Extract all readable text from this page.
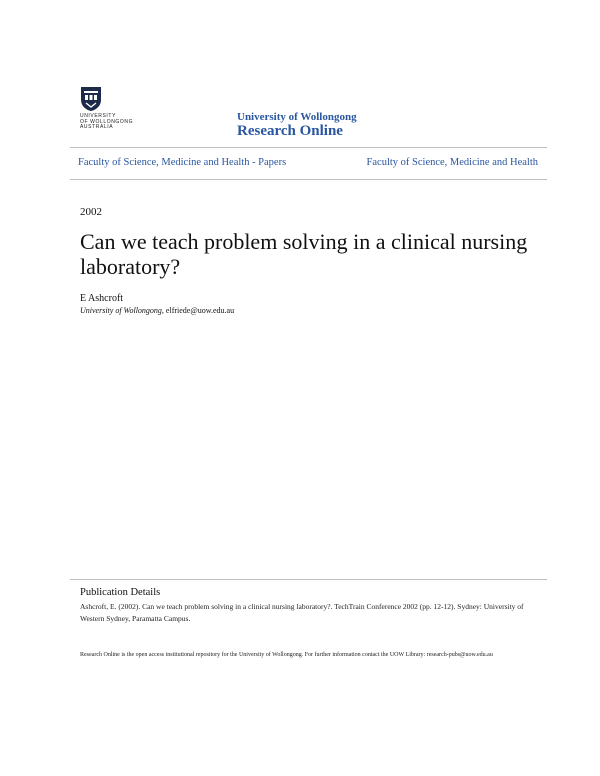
UNIVERSITY
OF WOLLONGONG
AUSTRALIA
University of Wollongong
Research Online
Faculty of Science, Medicine and Health - Papers	Faculty of Science, Medicine and Health
2002
Can we teach problem solving in a clinical nursing laboratory?
E Ashcroft
University of Wollongong, elfriede@uow.edu.au
Publication Details
Ashcroft, E. (2002). Can we teach problem solving in a clinical nursing laboratory?. TechTrain Conference 2002 (pp. 12-12). Sydney: University of Western Sydney, Paramatta Campus.
Research Online is the open access institutional repository for the University of Wollongong. For further information contact the UOW Library: research-pubs@uow.edu.au
